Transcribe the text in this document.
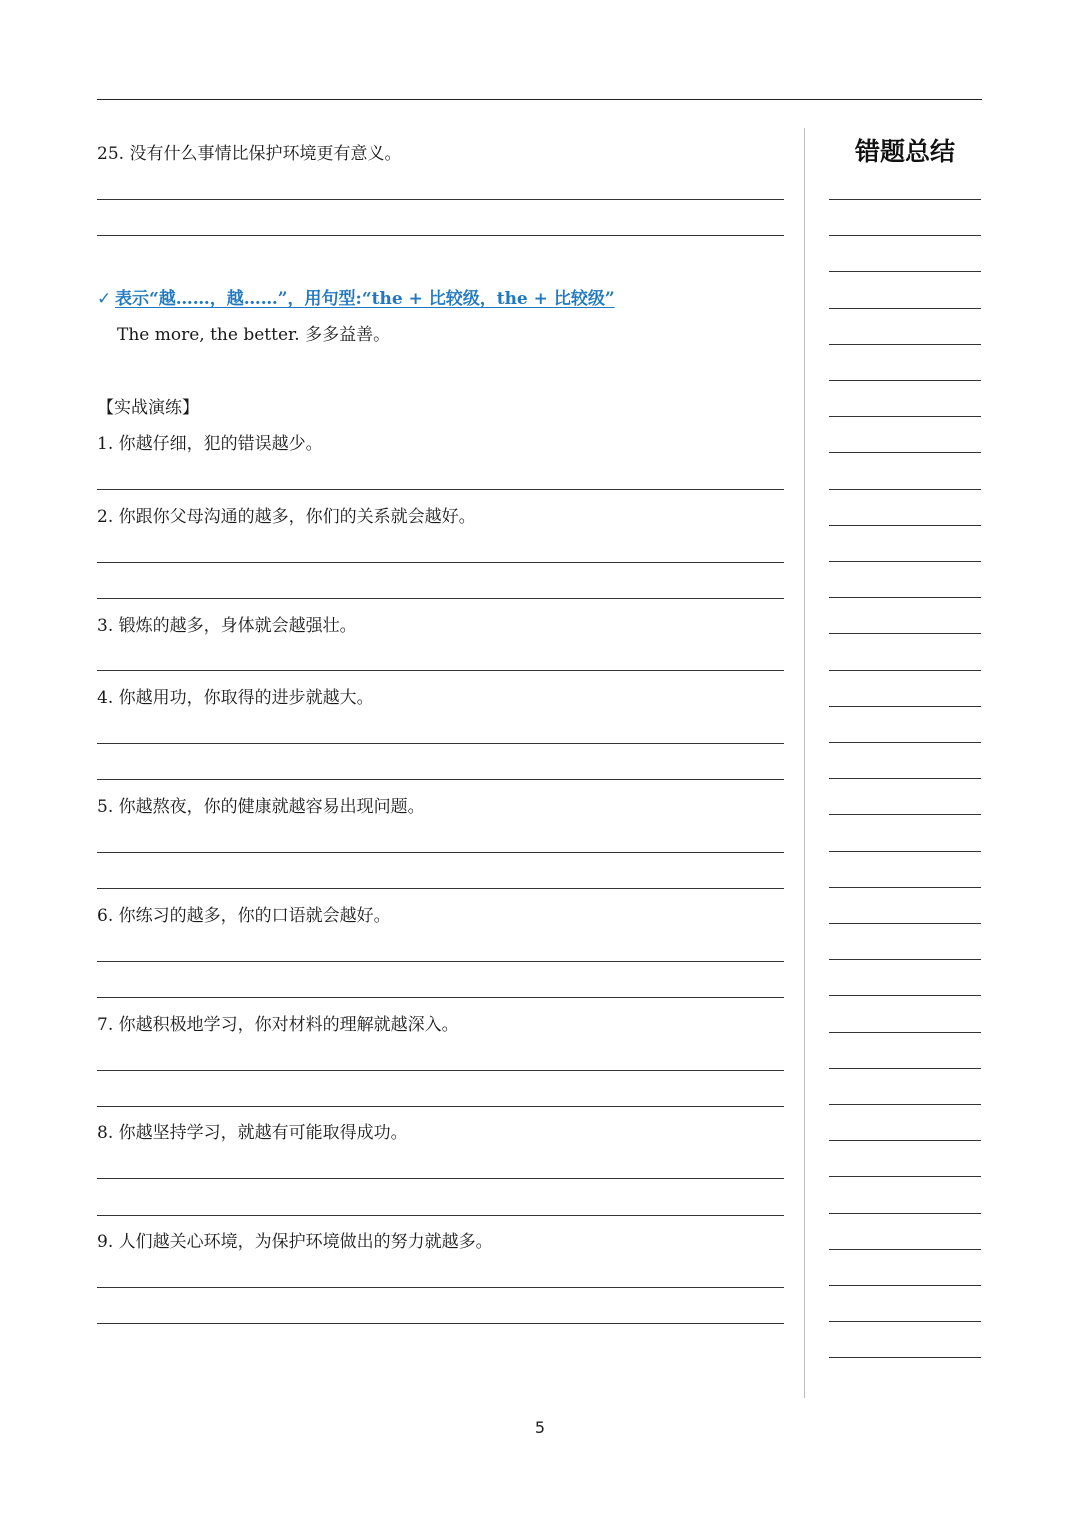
25. 没有什么事情比保护环境更有意义。
✓ 表示“越……，越……”，用句型:“the + 比较级，the + 比较级”
The more, the better. 多多益善。
【实战演练】
1. 你越仔细，犯的错误越少。
2. 你跟你父母沟通的越多，你们的关系就会越好。
3. 锻炼的越多，身体就会越强壮。
4. 你越用功，你取得的进步就越大。
5. 你越熬夜，你的健康就越容易出现问题。
6. 你练习的越多，你的口语就会越好。
7. 你越积极地学习，你对材料的理解就越深入。
8. 你越坚持学习，就越有可能取得成功。
9. 人们越关心环境，为保护环境做出的努力就越多。
错题总结
5
